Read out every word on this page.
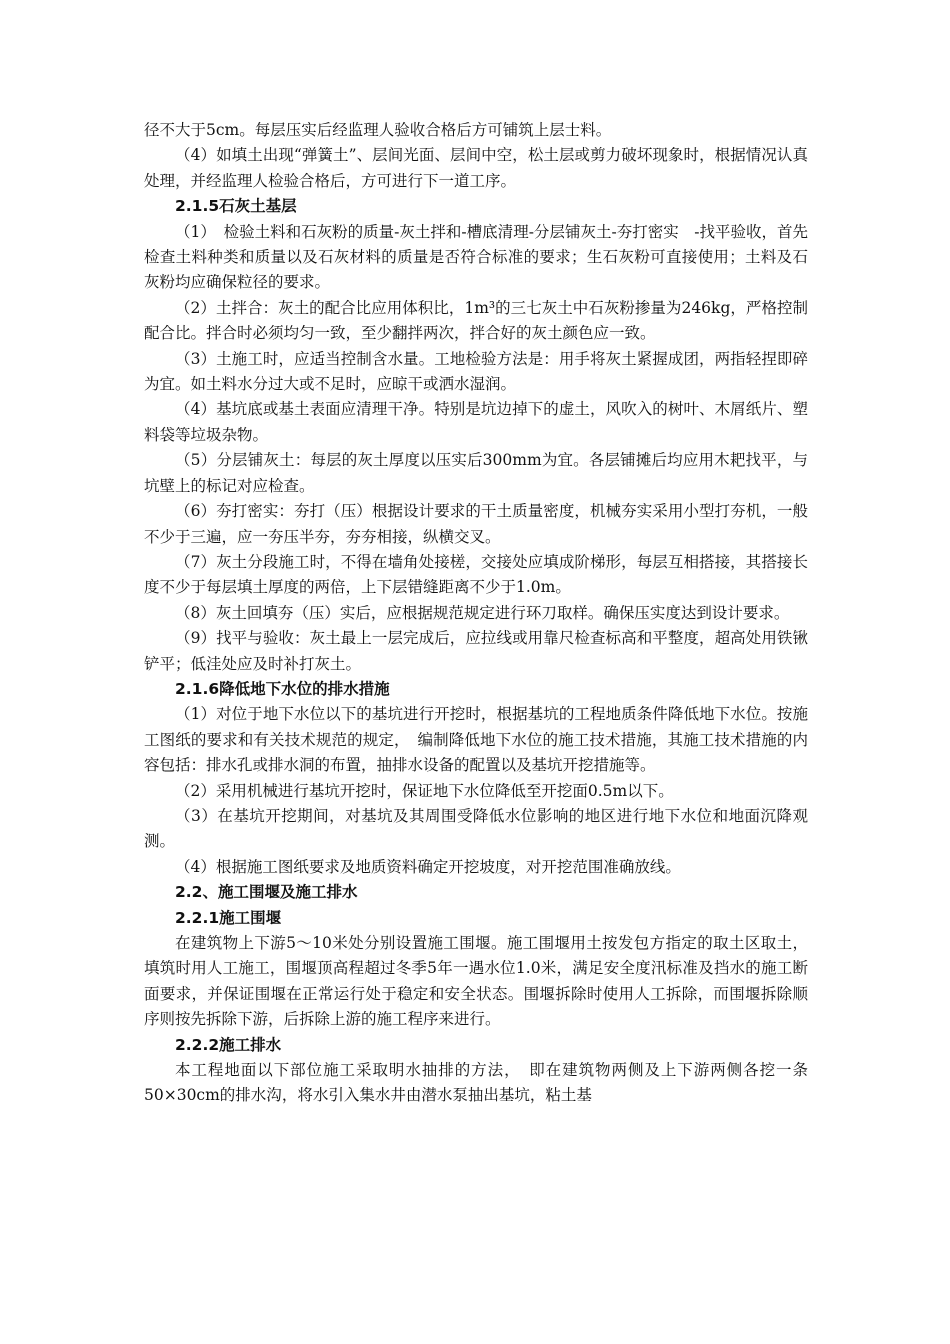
径不大于5cm。每层压实后经监理人验收合格后方可铺筑上层士料。

（4）如填土出现“弹簧土”、层间光面、层间中空，松土层或剪力破坏现象时，根据情况认真处理，并经监理人检验合格后，方可进行下一道工序。

2.1.5石灰土基层

（1）　检验土料和石灰粉的质量-灰土拌和-槽底清理-分层铺灰土-夯打密实　-找平验收，首先检查土料种类和质量以及石灰材料的质量是否符合标准的要求；生石灰粉可直接使用；土料及石灰粉均应确保粒径的要求。

（2）土拌合：灰土的配合比应用体积比，1m³的三七灰土中石灰粉掺量为246kg，严格控制配合比。拌合时必须均匀一致，至少翻拌两次，拌合好的灰土颜色应一致。

（3）土施工时，应适当控制含水量。工地检验方法是：用手将灰土紧握成团，两指轻捏即碎为宜。如土料水分过大或不足时，应晾干或洒水湿润。

（4）基坑底或基土表面应清理干净。特别是坑边掉下的虚土，风吹入的树叶、木屑纸片、塑料袋等垃圾杂物。

（5）分层铺灰土：每层的灰土厚度以压实后300mm为宜。各层铺摊后均应用木耙找平，与坑壁上的标记对应检查。

（6）夯打密实：夯打（压）根据设计要求的干土质量密度，机械夯实采用小型打夯机，一般不少于三遍，应一夯压半夯，夯夯相接，纵横交叉。

（7）灰土分段施工时，不得在墙角处接槎，交接处应填成阶梯形，每层互相搭接，其搭接长度不少于每层填土厚度的两倍，上下层错缝距离不少于1.0m。

（8）灰土回填夯（压）实后，应根据规范规定进行环刀取样。确保压实度达到设计要求。

（9）找平与验收：灰土最上一层完成后，应拉线或用靠尺检查标高和平整度，超高处用铁锹铲平；低洼处应及时补打灰土。

2.1.6降低地下水位的排水措施

（1）对位于地下水位以下的基坑进行开挖时，根据基坑的工程地质条件降低地下水位。按施工图纸的要求和有关技术规范的规定，　编制降低地下水位的施工技术措施，其施工技术措施的内容包括：排水孔或排水洞的布置，抽排水设备的配置以及基坑开挖措施等。

（2）采用机械进行基坑开挖时，保证地下水位降低至开挖面0.5m以下。

（3）在基坑开挖期间，对基坑及其周围受降低水位影响的地区进行地下水位和地面沉降观测。

（4）根据施工图纸要求及地质资料确定开挖坡度，对开挖范围准确放线。

2.2、施工围堰及施工排水

2.2.1施工围堰

在建筑物上下游5～10米处分别设置施工围堰。施工围堰用土按发包方指定的取土区取土，填筑时用人工施工，围堰顶高程超过冬季5年一遇水位1.0米，满足安全度汛标准及挡水的施工断面要求，并保证围堰在正常运行处于稳定和安全状态。围堰拆除时使用人工拆除，而围堰拆除顺序则按先拆除下游，后拆除上游的施工程序来进行。

2.2.2施工排水

本工程地面以下部位施工采取明水抽排的方法，　即在建筑物两侧及上下游两侧各挖一条50×30cm的排水沟，将水引入集水井由潜水泵抽出基坑，粘土基
